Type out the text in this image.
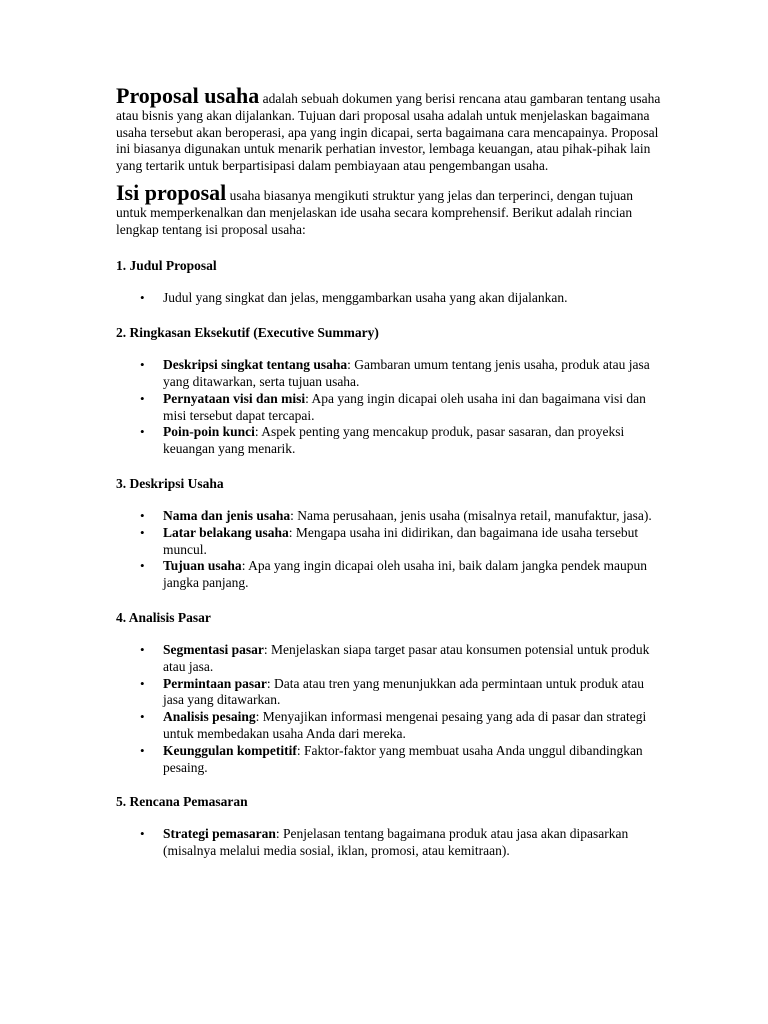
Proposal usaha adalah sebuah dokumen yang berisi rencana atau gambaran tentang usaha atau bisnis yang akan dijalankan. Tujuan dari proposal usaha adalah untuk menjelaskan bagaimana usaha tersebut akan beroperasi, apa yang ingin dicapai, serta bagaimana cara mencapainya. Proposal ini biasanya digunakan untuk menarik perhatian investor, lembaga keuangan, atau pihak-pihak lain yang tertarik untuk berpartisipasi dalam pembiayaan atau pengembangan usaha.

Isi proposal usaha biasanya mengikuti struktur yang jelas dan terperinci, dengan tujuan untuk memperkenalkan dan menjelaskan ide usaha secara komprehensif. Berikut adalah rincian lengkap tentang isi proposal usaha:

1. Judul Proposal

• Judul yang singkat dan jelas, menggambarkan usaha yang akan dijalankan.

2. Ringkasan Eksekutif (Executive Summary)

• Deskripsi singkat tentang usaha: Gambaran umum tentang jenis usaha, produk atau jasa yang ditawarkan, serta tujuan usaha.
• Pernyataan visi dan misi: Apa yang ingin dicapai oleh usaha ini dan bagaimana visi dan misi tersebut dapat tercapai.
• Poin-poin kunci: Aspek penting yang mencakup produk, pasar sasaran, dan proyeksi keuangan yang menarik.

3. Deskripsi Usaha

• Nama dan jenis usaha: Nama perusahaan, jenis usaha (misalnya retail, manufaktur, jasa).
• Latar belakang usaha: Mengapa usaha ini didirikan, dan bagaimana ide usaha tersebut muncul.
• Tujuan usaha: Apa yang ingin dicapai oleh usaha ini, baik dalam jangka pendek maupun jangka panjang.

4. Analisis Pasar

• Segmentasi pasar: Menjelaskan siapa target pasar atau konsumen potensial untuk produk atau jasa.
• Permintaan pasar: Data atau tren yang menunjukkan ada permintaan untuk produk atau jasa yang ditawarkan.
• Analisis pesaing: Menyajikan informasi mengenai pesaing yang ada di pasar dan strategi untuk membedakan usaha Anda dari mereka.
• Keunggulan kompetitif: Faktor-faktor yang membuat usaha Anda unggul dibandingkan pesaing.

5. Rencana Pemasaran

• Strategi pemasaran: Penjelasan tentang bagaimana produk atau jasa akan dipasarkan (misalnya melalui media sosial, iklan, promosi, atau kemitraan).
